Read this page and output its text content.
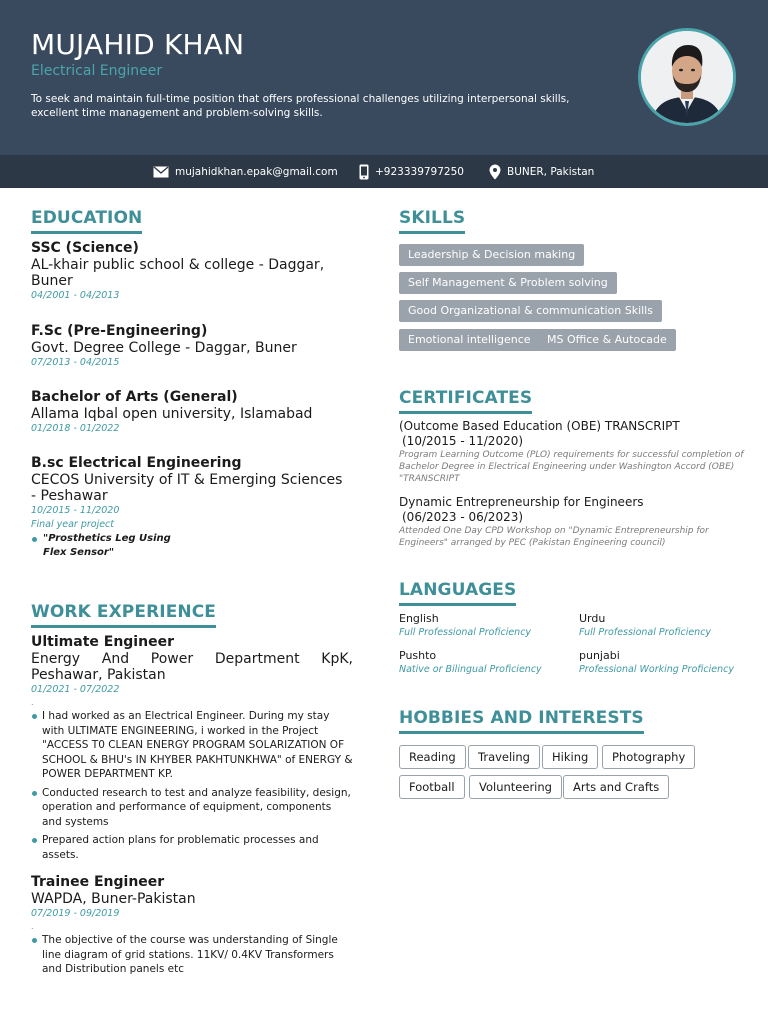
MUJAHID KHAN
Electrical Engineer

To seek and maintain full-time position that offers professional challenges utilizing interpersonal skills, excellent time management and problem-solving skills.

mujahidkhan.epak@gmail.com	+923339797250	BUNER, Pakistan
EDUCATION
SSC (Science)
AL-khair public school & college - Daggar, Buner
04/2001 - 04/2013
F.Sc (Pre-Engineering)
Govt. Degree College - Daggar, Buner
07/2013 - 04/2015
Bachelor of Arts (General)
Allama Iqbal open university, Islamabad
01/2018 - 01/2022
B.sc Electrical Engineering
CECOS University of IT & Emerging Sciences - Peshawar
10/2015 - 11/2020
Final year project
"Prosthetics Leg Using
Flex Sensor"
WORK EXPERIENCE
Ultimate Engineer
Energy And Power Department KpK, Peshawar, Pakistan
01/2021 - 07/2022
.
I had worked as an Electrical Engineer. During my stay with ULTIMATE ENGINEERING, i worked in the Project "ACCESS T0 CLEAN ENERGY PROGRAM SOLARIZATION OF SCHOOL & BHU's IN KHYBER PAKHTUNKHWA" of ENERGY & POWER DEPARTMENT KP.
Conducted research to test and analyze feasibility, design, operation and performance of equipment, components and systems
Prepared action plans for problematic processes and assets.
Trainee Engineer
WAPDA, Buner-Pakistan
07/2019 - 09/2019
.
The objective of the course was understanding of Single line diagram of grid stations. 11KV/ 0.4KV Transformers and Distribution panels etc
SKILLS
Leadership & Decision making
Self Management & Problem solving
Good Organizational & communication Skills
Emotional intelligence	MS Office & Autocade
CERTIFICATES
(Outcome Based Education (OBE) TRANSCRIPT
(10/2015 - 11/2020)
Program Learning Outcome (PLO) requirements for successful completion of Bachelor Degree in Electrical Engineering under Washington Accord (OBE) "TRANSCRIPT
Dynamic Entrepreneurship for Engineers
(06/2023 - 06/2023)
Attended One Day CPD Workshop on "Dynamic Entrepreneurship for Engineers" arranged by PEC (Pakistan Engineering council)
LANGUAGES
English
Full Professional Proficiency
Urdu
Full Professional Proficiency
Pushto
Native or Bilingual Proficiency
punjabi
Professional Working Proficiency
HOBBIES AND INTERESTS
Reading	Traveling	Hiking	Photography
Football	Volunteering	Arts and Crafts
